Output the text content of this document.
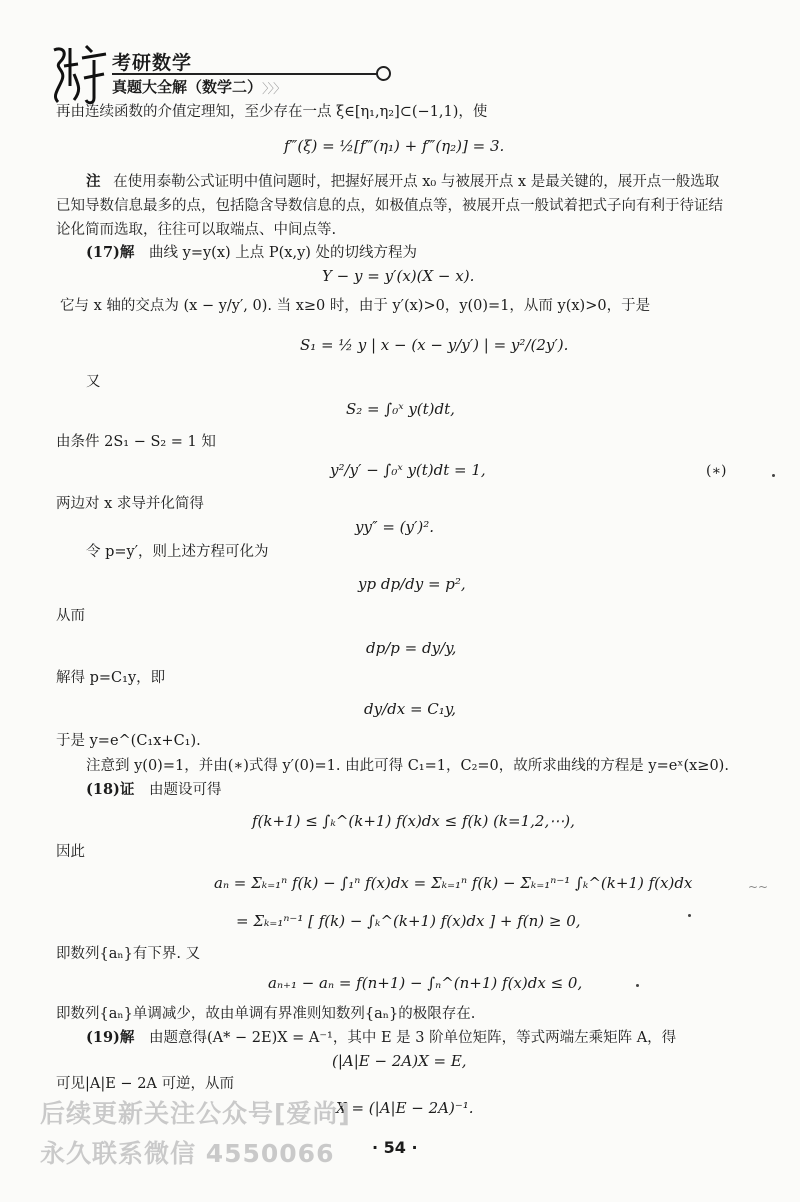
考研数学
真题大全解（数学二） 〉〉〉
再由连续函数的介值定理知，至少存在一点 ξ∈[η₁,η₂]⊂(−1,1)，使
f‴(ξ) = ½[f‴(η₁) + f‴(η₂)] = 3.
注 在使用泰勒公式证明中值问题时，把握好展开点 x₀ 与被展开点 x 是最关键的，展开点一般选取
已知导数信息最多的点，包括隐含导数信息的点，如极值点等，被展开点一般试着把式子向有利于待证结
论化简而选取，往往可以取端点、中间点等.
(17)解 曲线 y=y(x) 上点 P(x,y) 处的切线方程为
Y − y = y′(x)(X − x).
它与 x 轴的交点为 (x − y/y′, 0). 当 x≥0 时，由于 y′(x)>0，y(0)=1，从而 y(x)>0，于是
S₁ = ½ y | x − (x − y/y′) | = y²/(2y′).
又
S₂ = ∫₀ˣ y(t)dt,
由条件 2S₁ − S₂ = 1 知
y²/y′ − ∫₀ˣ y(t)dt = 1,	(∗)
两边对 x 求导并化简得
yy″ = (y′)².
令 p=y′，则上述方程可化为
yp dp/dy = p²,
从而
dp/p = dy/y,
解得 p=C₁y，即
dy/dx = C₁y,
于是 y=e^(C₁x+C₁).
注意到 y(0)=1，并由(∗)式得 y′(0)=1. 由此可得 C₁=1，C₂=0，故所求曲线的方程是 y=eˣ(x≥0).
(18)证 由题设可得
f(k+1) ≤ ∫ₖ^(k+1) f(x)dx ≤ f(k) (k=1,2,⋯),
因此
aₙ = Σₖ₌₁ⁿ f(k) − ∫₁ⁿ f(x)dx = Σₖ₌₁ⁿ f(k) − Σₖ₌₁ⁿ⁻¹ ∫ₖ^(k+1) f(x)dx
= Σₖ₌₁ⁿ⁻¹ [ f(k) − ∫ₖ^(k+1) f(x)dx ] + f(n) ≥ 0,
即数列{aₙ}有下界. 又
aₙ₊₁ − aₙ = f(n+1) − ∫ₙ^(n+1) f(x)dx ≤ 0,
即数列{aₙ}单调减少，故由单调有界准则知数列{aₙ}的极限存在.
(19)解 由题意得(A* − 2E)X = A⁻¹，其中 E 是 3 阶单位矩阵，等式两端左乘矩阵 A，得
(|A|E − 2A)X = E,
可见|A|E − 2A 可逆，从而
X = (|A|E − 2A)⁻¹.
后续更新关注公众号[爱尚]
永久联系微信 4550066 · 54 ·
~~
